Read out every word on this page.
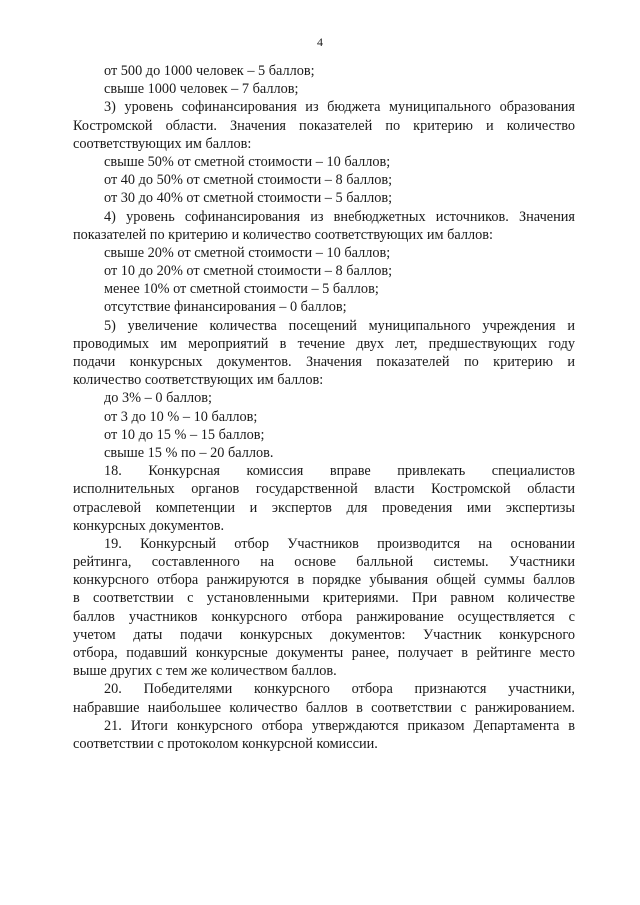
4
от 500 до 1000 человек – 5 баллов;
свыше 1000 человек – 7 баллов;
3) уровень софинансирования из бюджета муниципального образования
Костромской области. Значения показателей по критерию и количество
соответствующих им баллов:
свыше 50% от сметной стоимости – 10 баллов;
от 40 до 50% от сметной стоимости – 8 баллов;
от 30 до 40% от сметной стоимости – 5 баллов;
4) уровень софинансирования из внебюджетных источников. Значения
показателей по критерию и количество соответствующих им баллов:
свыше 20% от сметной стоимости – 10 баллов;
от 10 до 20% от сметной стоимости – 8 баллов;
менее 10% от сметной стоимости – 5 баллов;
отсутствие финансирования – 0 баллов;
5) увеличение количества посещений муниципального учреждения и
проводимых им мероприятий в течение двух лет, предшествующих году
подачи конкурсных документов. Значения показателей по критерию и
количество соответствующих им баллов:
до 3% – 0 баллов;
от 3 до 10 % – 10 баллов;
от 10 до 15 % – 15 баллов;
свыше 15 % по – 20 баллов.
18. Конкурсная комиссия вправе привлекать специалистов
исполнительных органов государственной власти Костромской области
отраслевой компетенции и экспертов для проведения ими экспертизы
конкурсных документов.
19. Конкурсный отбор Участников производится на основании
рейтинга, составленного на основе балльной системы. Участники
конкурсного отбора ранжируются в порядке убывания общей суммы баллов
в соответствии с установленными критериями. При равном количестве
баллов участников конкурсного отбора ранжирование осуществляется с
учетом даты подачи конкурсных документов: Участник конкурсного
отбора, подавший конкурсные документы ранее, получает в рейтинге место
выше других с тем же количеством баллов.
20. Победителями конкурсного отбора признаются участники,
набравшие наибольшее количество баллов в соответствии с ранжированием.
21. Итоги конкурсного отбора утверждаются приказом Департамента в
соответствии с протоколом конкурсной комиссии.
